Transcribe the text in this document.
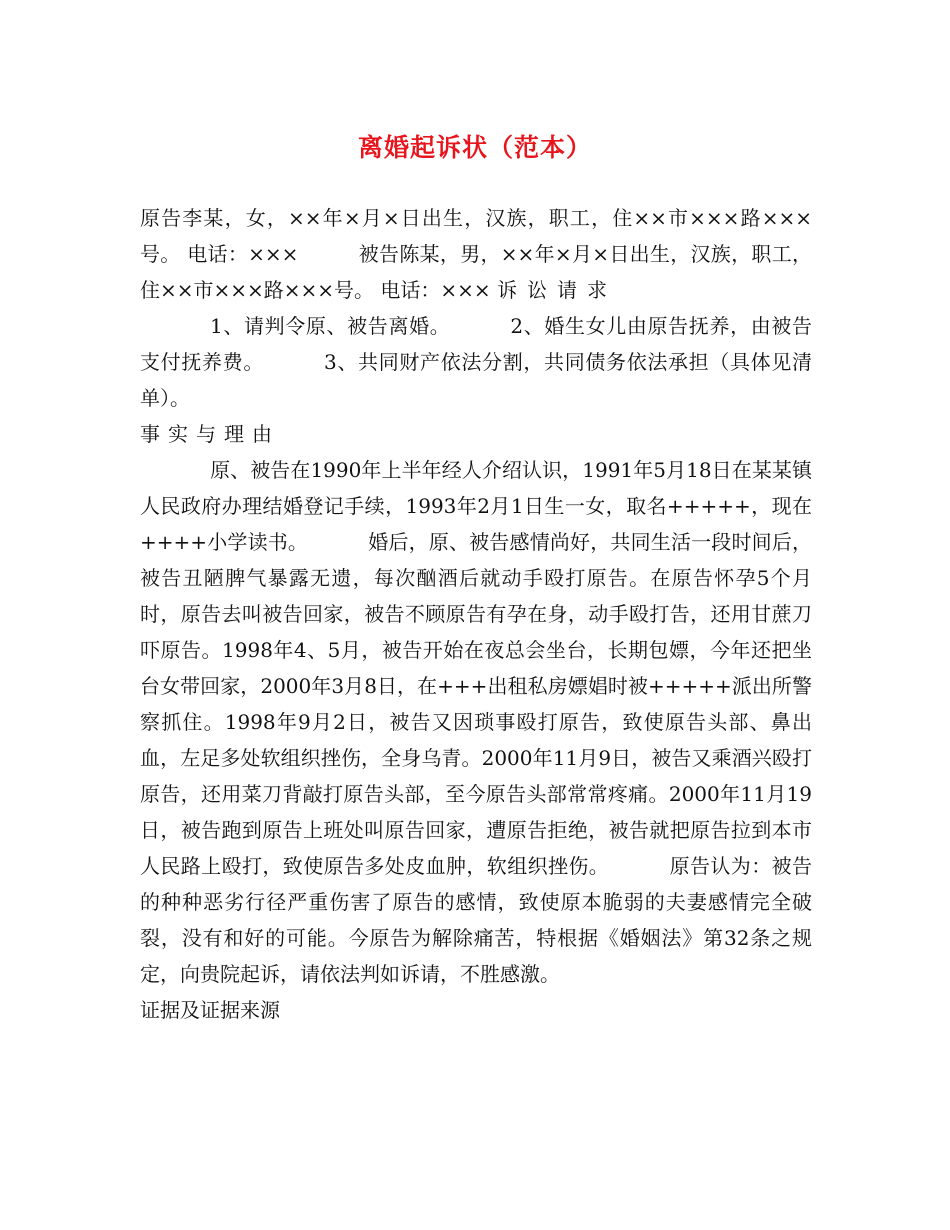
离婚起诉状（范本）

原告李某，女，××年×月×日出生，汉族，职工，住××市×××路×××号。 电话：×××	被告陈某，男，××年×月×日出生，汉族，职工，住××市×××路×××号。 电话：××× 诉讼请求

1、请判令原、被告离婚。	2、婚生女儿由原告抚养，由被告支付抚养费。	3、共同财产依法分割，共同债务依法承担（具体见清单）。

事实与理由

原、被告在1990年上半年经人介绍认识，1991年5月18日在某某镇人民政府办理结婚登记手续，1993年2月1日生一女，取名+++++，现在++++小学读书。	婚后，原、被告感情尚好，共同生活一段时间后，被告丑陋脾气暴露无遗，每次酗酒后就动手殴打原告。在原告怀孕5个月时，原告去叫被告回家，被告不顾原告有孕在身，动手殴打告，还用甘蔗刀吓原告。1998年4、5月，被告开始在夜总会坐台，长期包嫖，今年还把坐台女带回家，2000年3月8日，在+++出租私房嫖娼时被+++++派出所警察抓住。1998年9月2日，被告又因琐事殴打原告，致使原告头部、鼻出血，左足多处软组织挫伤，全身乌青。2000年11月9日，被告又乘酒兴殴打原告，还用菜刀背敲打原告头部，至今原告头部常常疼痛。2000年11月19日，被告跑到原告上班处叫原告回家，遭原告拒绝，被告就把原告拉到本市人民路上殴打，致使原告多处皮血肿，软组织挫伤。	原告认为：被告的种种恶劣行径严重伤害了原告的感情，致使原本脆弱的夫妻感情完全破裂，没有和好的可能。今原告为解除痛苦，特根据《婚姻法》第32条之规定，向贵院起诉，请依法判如诉请，不胜感激。

证据及证据来源
